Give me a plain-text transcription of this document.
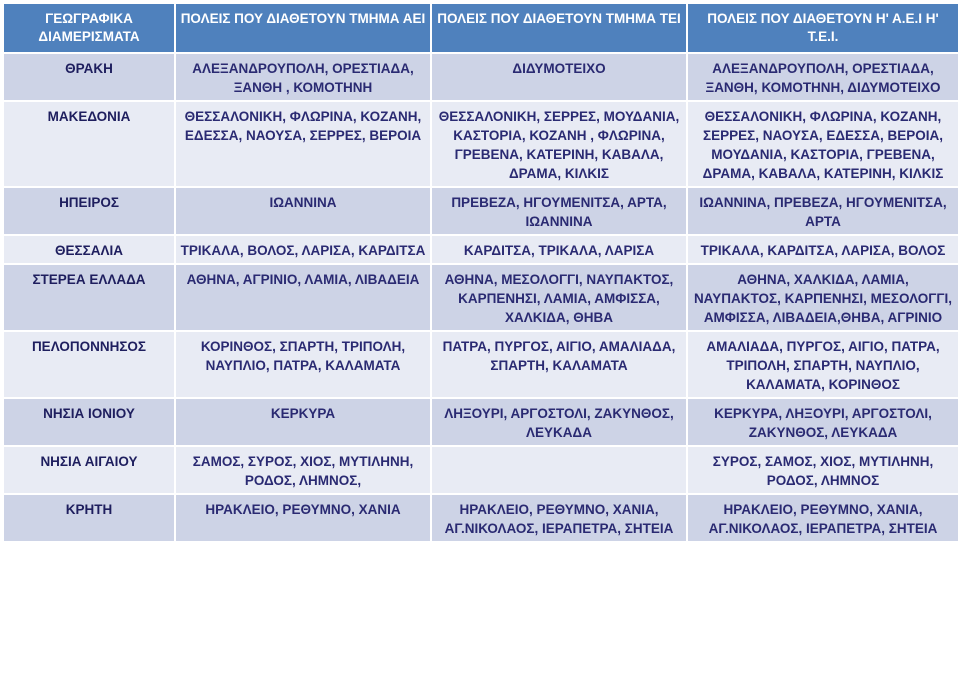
ΓΕΩΓΡΑΦΙΚΑ ΔΙΑΜΕΡΙΣΜΑΤΑ	ΠΟΛΕΙΣ ΠΟΥ ΔΙΑΘΕΤΟΥΝ ΤΜΗΜΑ ΑΕΙ	ΠΟΛΕΙΣ ΠΟΥ ΔΙΑΘΕΤΟΥΝ ΤΜΗΜΑ ΤΕΙ	ΠΟΛΕΙΣ ΠΟΥ ΔΙΑΘΕΤΟΥΝ Η' Α.Ε.Ι Η' Τ.Ε.Ι.
ΘΡΑΚΗ	ΑΛΕΞΑΝΔΡΟΥΠΟΛΗ, ΟΡΕΣΤΙΑΔΑ, ΞΑΝΘΗ , ΚΟΜΟΤΗΝΗ	ΔΙΔΥΜΟΤΕΙΧΟ	ΑΛΕΞΑΝΔΡΟΥΠΟΛΗ, ΟΡΕΣΤΙΑΔΑ, ΞΑΝΘΗ, ΚΟΜΟΤΗΝΗ, ΔΙΔΥΜΟΤΕΙΧΟ
ΜΑΚΕΔΟΝΙΑ	ΘΕΣΣΑΛΟΝΙΚΗ, ΦΛΩΡΙΝΑ, ΚΟΖΑΝΗ, ΕΔΕΣΣΑ, ΝΑΟΥΣΑ, ΣΕΡΡΕΣ, ΒΕΡΟΙΑ	ΘΕΣΣΑΛΟΝΙΚΗ, ΣΕΡΡΕΣ, ΜΟΥΔΑΝΙΑ, ΚΑΣΤΟΡΙΑ, ΚΟΖΑΝΗ , ΦΛΩΡΙΝΑ, ΓΡΕΒΕΝΑ, ΚΑΤΕΡΙΝΗ, ΚΑΒΑΛΑ, ΔΡΑΜΑ, ΚΙΛΚΙΣ	ΘΕΣΣΑΛΟΝΙΚΗ, ΦΛΩΡΙΝΑ, ΚΟΖΑΝΗ, ΣΕΡΡΕΣ, ΝΑΟΥΣΑ, ΕΔΕΣΣΑ, ΒΕΡΟΙΑ, ΜΟΥΔΑΝΙΑ, ΚΑΣΤΟΡΙΑ, ΓΡΕΒΕΝΑ, ΔΡΑΜΑ, ΚΑΒΑΛΑ, ΚΑΤΕΡΙΝΗ, ΚΙΛΚΙΣ
ΗΠΕΙΡΟΣ	ΙΩΑΝΝΙΝΑ	ΠΡΕΒΕΖΑ, ΗΓΟΥΜΕΝΙΤΣΑ, ΑΡΤΑ, ΙΩΑΝΝΙΝΑ	ΙΩΑΝΝΙΝΑ, ΠΡΕΒΕΖΑ, ΗΓΟΥΜΕΝΙΤΣΑ, ΑΡΤΑ
ΘΕΣΣΑΛΙΑ	ΤΡΙΚΑΛΑ, ΒΟΛΟΣ, ΛΑΡΙΣΑ, ΚΑΡΔΙΤΣΑ	ΚΑΡΔΙΤΣΑ, ΤΡΙΚΑΛΑ, ΛΑΡΙΣΑ	ΤΡΙΚΑΛΑ, ΚΑΡΔΙΤΣΑ, ΛΑΡΙΣΑ, ΒΟΛΟΣ
ΣΤΕΡΕΑ ΕΛΛΑΔΑ	ΑΘΗΝΑ, ΑΓΡΙΝΙΟ, ΛΑΜΙΑ, ΛΙΒΑΔΕΙΑ	ΑΘΗΝΑ, ΜΕΣΟΛΟΓΓΙ, ΝΑΥΠΑΚΤΟΣ, ΚΑΡΠΕΝΗΣΙ, ΛΑΜΙΑ, ΑΜΦΙΣΣΑ, ΧΑΛΚΙΔΑ, ΘΗΒΑ	ΑΘΗΝΑ, ΧΑΛΚΙΔΑ, ΛΑΜΙΑ, ΝΑΥΠΑΚΤΟΣ, ΚΑΡΠΕΝΗΣΙ, ΜΕΣΟΛΟΓΓΙ, ΑΜΦΙΣΣΑ, ΛΙΒΑΔΕΙΑ,ΘΗΒΑ, ΑΓΡΙΝΙΟ
ΠΕΛΟΠΟΝΝΗΣΟΣ	ΚΟΡΙΝΘΟΣ, ΣΠΑΡΤΗ, ΤΡΙΠΟΛΗ, ΝΑΥΠΛΙΟ, ΠΑΤΡΑ, ΚΑΛΑΜΑΤΑ	ΠΑΤΡΑ, ΠΥΡΓΟΣ, ΑΙΓΙΟ, ΑΜΑΛΙΑΔΑ, ΣΠΑΡΤΗ, ΚΑΛΑΜΑΤΑ	ΑΜΑΛΙΑΔΑ, ΠΥΡΓΟΣ, ΑΙΓΙΟ, ΠΑΤΡΑ, ΤΡΙΠΟΛΗ, ΣΠΑΡΤΗ, ΝΑΥΠΛΙΟ, ΚΑΛΑΜΑΤΑ, ΚΟΡΙΝΘΟΣ
ΝΗΣΙΑ ΙΟΝΙΟΥ	ΚΕΡΚΥΡΑ	ΛΗΞΟΥΡΙ, ΑΡΓΟΣΤΟΛΙ, ΖΑΚΥΝΘΟΣ, ΛΕΥΚΑΔΑ	ΚΕΡΚΥΡΑ, ΛΗΞΟΥΡΙ, ΑΡΓΟΣΤΟΛΙ, ΖΑΚΥΝΘΟΣ, ΛΕΥΚΑΔΑ
ΝΗΣΙΑ ΑΙΓΑΙΟΥ	ΣΑΜΟΣ, ΣΥΡΟΣ, ΧΙΟΣ, ΜΥΤΙΛΗΝΗ, ΡΟΔΟΣ, ΛΗΜΝΟΣ,		ΣΥΡΟΣ, ΣΑΜΟΣ, ΧΙΟΣ, ΜΥΤΙΛΗΝΗ, ΡΟΔΟΣ, ΛΗΜΝΟΣ
ΚΡΗΤΗ	ΗΡΑΚΛΕΙΟ, ΡΕΘΥΜΝΟ, ΧΑΝΙΑ	ΗΡΑΚΛΕΙΟ, ΡΕΘΥΜΝΟ, ΧΑΝΙΑ, ΑΓ.ΝΙΚΟΛΑΟΣ, ΙΕΡΑΠΕΤΡΑ, ΣΗΤΕΙΑ	ΗΡΑΚΛΕΙΟ, ΡΕΘΥΜΝΟ, ΧΑΝΙΑ, ΑΓ.ΝΙΚΟΛΑΟΣ, ΙΕΡΑΠΕΤΡΑ, ΣΗΤΕΙΑ
